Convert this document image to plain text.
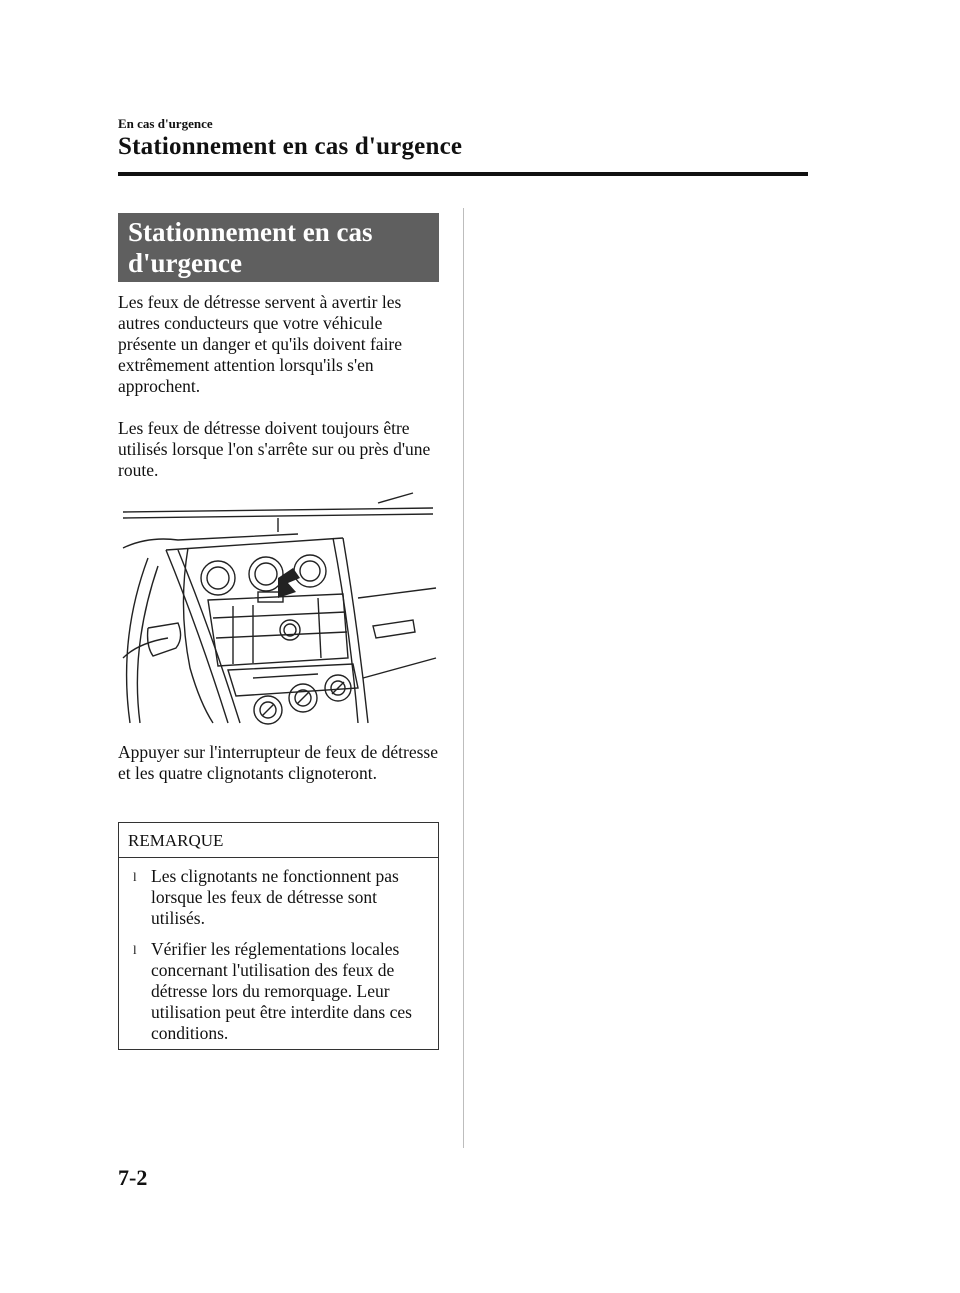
En cas d'urgence
Stationnement en cas d'urgence
Stationnement en cas
d'urgence

Les feux de détresse servent à avertir les autres conducteurs que votre véhicule présente un danger et qu'ils doivent faire extrêmement attention lorsqu'ils s'en approchent.

Les feux de détresse doivent toujours être utilisés lorsque l'on s'arrête sur ou près d'une route.

Appuyer sur l'interrupteur de feux de détresse et les quatre clignotants clignoteront.

REMARQUE
l Les clignotants ne fonctionnent pas lorsque les feux de détresse sont utilisés.
l Vérifier les réglementations locales concernant l'utilisation des feux de détresse lors du remorquage. Leur utilisation peut être interdite dans ces conditions.
7-2
